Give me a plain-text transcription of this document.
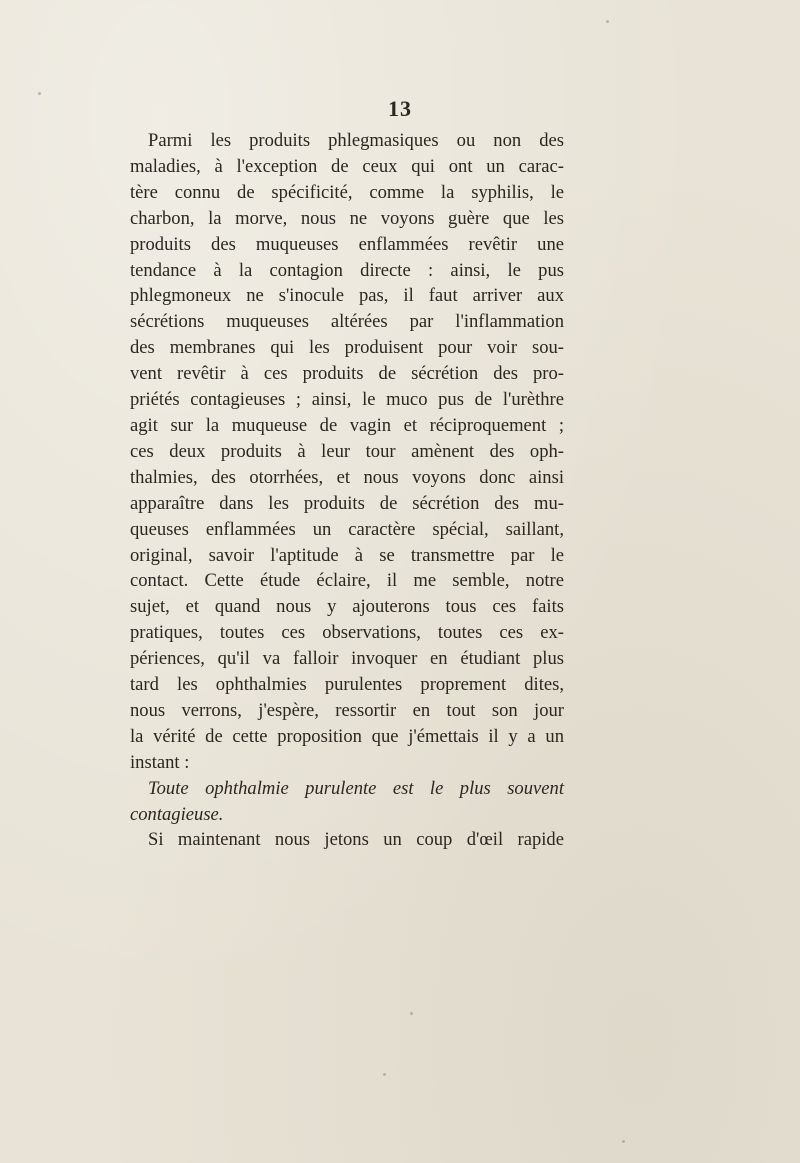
13
Parmi les produits phlegmasiques ou non des
maladies, à l'exception de ceux qui ont un carac-
tère connu de spécificité, comme la syphilis, le
charbon, la morve, nous ne voyons guère que les
produits des muqueuses enflammées revêtir une
tendance à la contagion directe : ainsi, le pus
phlegmoneux ne s'inocule pas, il faut arriver aux
sécrétions muqueuses altérées par l'inflammation
des membranes qui les produisent pour voir sou-
vent revêtir à ces produits de sécrétion des pro-
priétés contagieuses ; ainsi, le muco pus de l'urèthre
agit sur la muqueuse de vagin et réciproquement ;
ces deux produits à leur tour amènent des oph-
thalmies, des otorrhées, et nous voyons donc ainsi
apparaître dans les produits de sécrétion des mu-
queuses enflammées un caractère spécial, saillant,
original, savoir l'aptitude à se transmettre par le
contact. Cette étude éclaire, il me semble, notre
sujet, et quand nous y ajouterons tous ces faits
pratiques, toutes ces observations, toutes ces ex-
périences, qu'il va falloir invoquer en étudiant plus
tard les ophthalmies purulentes proprement dites,
nous verrons, j'espère, ressortir en tout son jour
la vérité de cette proposition que j'émettais il y a un
instant :
Toute ophthalmie purulente est le plus souvent
contagieuse.
Si maintenant nous jetons un coup d'œil rapide
